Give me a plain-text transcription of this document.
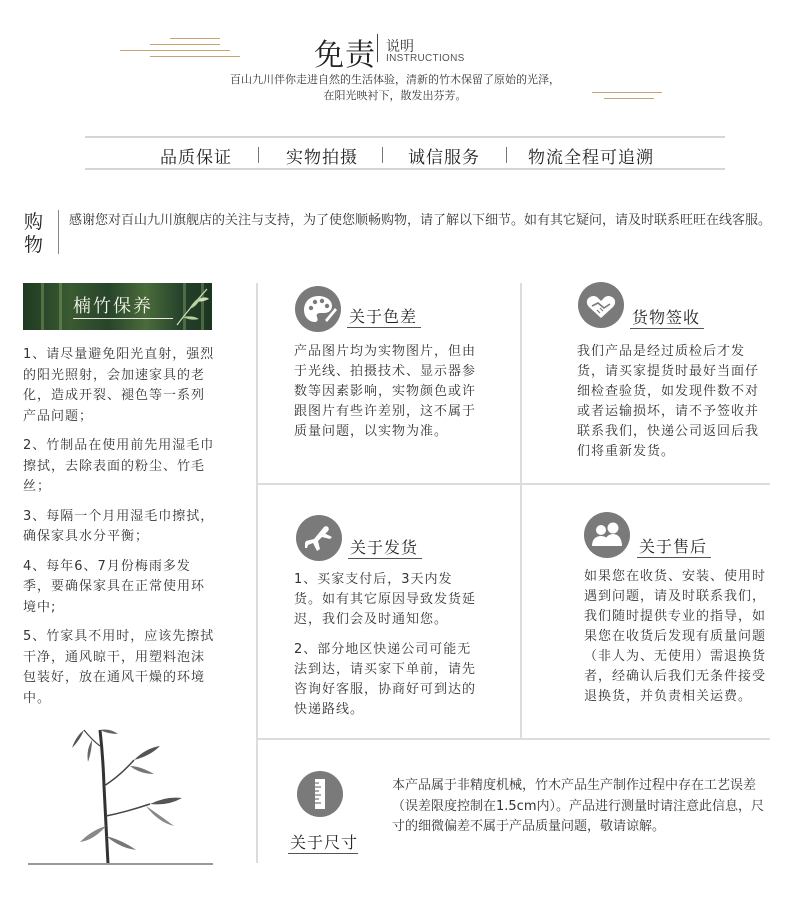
免责 说明
INSTRUCTIONS
百山九川伴你走进自然的生活体验，清新的竹木保留了原始的光泽，
在阳光映衬下，散发出芬芳。
品质保证	实物拍摄	诚信服务	物流全程可追溯
购
物
感谢您对百山九川旗舰店的关注与支持，为了使您顺畅购物，请了解以下细节。如有其它疑问，请及时联系旺旺在线客服。
楠竹保养
1、请尽量避免阳光直射，强烈的阳光照射，会加速家具的老化，造成开裂、褪色等一系列产品问题；
2、竹制品在使用前先用湿毛巾擦拭，去除表面的粉尘、竹毛丝；
3、每隔一个月用湿毛巾擦拭，确保家具水分平衡；
4、每年6、7月份梅雨多发季，要确保家具在正常使用环境中;
5、竹家具不用时，应该先擦拭干净，通风晾干，用塑料泡沫包装好，放在通风干燥的环境中。
关于色差
产品图片均为实物图片，但由于光线、拍摄技术、显示器参数等因素影响，实物颜色或许跟图片有些许差别，这不属于质量问题，以实物为准。
货物签收
我们产品是经过质检后才发货，请买家提货时最好当面仔细检查验货，如发现件数不对或者运输损坏，请不予签收并联系我们，快递公司返回后我们将重新发货。
关于发货
1、买家支付后，3天内发货。如有其它原因导致发货延迟，我们会及时通知您。
2、部分地区快递公司可能无法到达，请买家下单前，请先咨询好客服，协商好可到达的快递路线。
关于售后
如果您在收货、安装、使用时遇到问题，请及时联系我们，我们随时提供专业的指导，如果您在收货后发现有质量问题（非人为、无使用）需退换货者，经确认后我们无条件接受退换货，并负责相关运费。
关于尺寸
本产品属于非精度机械，竹木产品生产制作过程中存在工艺误差（误差限度控制在1.5cm内）。产品进行测量时请注意此信息，尺寸的细微偏差不属于产品质量问题，敬请谅解。
